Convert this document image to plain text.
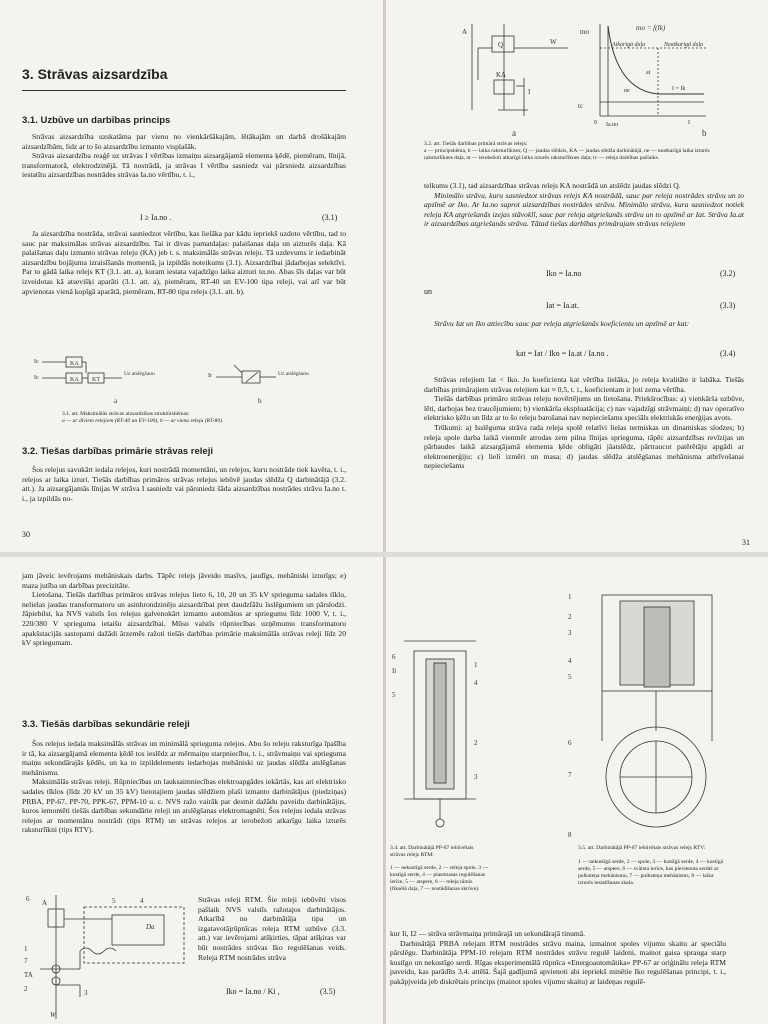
3. Strāvas aizsardzība
3.1. Uzbūve un darbības princips

Strāvas aizsardzība uzskatāma par vienu no vienkāršākajām, lētākajām un darbā drošākajām aizsardzībām, lidz ar to šo aizsardzību izmanto visplašāk.

Strāvas aizsardzība reaģē uz strāvas I vērtības izmaiņu aizsargājamā elementa ķēdē, piemēram, līnijā, transformatorā, elektrodzinējā. Tā nostrādā, ja strāvas I vērtība sasniedz vai pārsniedz aizsardzības iestatītu aizsardzības nostrādes strāvas Ia.no vērtību, t. i.,

I ≥ Ia.no .	(3.1)

Ja aizsardzība nostrāda, strāvai sasniedzot vērtību, kas lielāka par kādu iepriekš uzdoto vērtību, tad to sauc par maksimālas strāvas aizsardzību. Tai ir divas pamatdaļas: palaišanas daļa un aizturēs daļa. Kā palaišanas daļu izmanto strāvas releju (KA) jeb t. s. maksimālās strāvas releju. Tā uzdevums ir iedarbināt aizsardzību bojājuma izraisīšanās momentā, ja izpildās noteikums (3.1). Aizsardzībai jādarbojas selektīvi. Par to gādā laika relejs KT (3.1. att. a), kuram iestata vajadzīgo laika aizturi tα.no. Abas šīs daļas var būt izveidotas kā atsevišķi aparāti (3.1. att. a), piemēram, RT-40 un EV-100 tipa releji, vai arī var būt apvienotas vienā kopīgā aparātā, piemēram, RT-80 tipa relejs (3.1. att. b).

KA
KA KT
Ic
Ic	Ir
Uz atslēgšanu	Uz atslēgšanu
a	b
3.1. att. Maksimālās strāvas aizsardzības struktūrshēmas:
a — ar diviem relejiem (RT-40 un EV-100), b — ar vienu releju (RT-80).
3.2. Tiešas darbības primārie strāvas releji

Šos relejus savukārt iedala relejos, kuri nostrādā momentāni, un relejos, kuru nostrāde tiek kavēta, t. i., relejos ar laika izturi. Tiešās darbības primāros strāvas relejus iebūvē jaudas slēdža Q darbinātājā (3.2. att.). Ja aizsargājamās līnijas W strāva I sasniedz vai pārsniedz šāda aizsardzības nostrādes strāvu Ia.no t. i., ja izpildās no-

30
A
Q
KA
W
I
a
tno
tc
tno = f(Ik)
Atkarīgā daļa	Neatkarīgā daļa
at
ne	I = Ik
0 Ia.no	I
b
3.2. att. Tiešās darbības primārā strāvas relejs:
a — principshēma, b — laika raksturlīknes; Q — jaudas slēdzis, KA — jaudas slēdža darbinātājā, ne — neatkarīgā laika izturēs raksturlīknes daļa, at — ierobežotī atkarīgā laika izturēs raksturlīknes daļa; tc — releja darbības pašlaiks.

telkums (3.1), tad aizsardzības strāvas relejs KA nostrādā un atslēdz jaudas slēdzi Q.

Minimālo strāvu, kuru sasniedzot strāvas relejs KA nostrādā, sauc par releja nostrādes strāvu un to apzīmē ar Iko. Ar Ia.no saprot aizsardzības nostrādes strāvu. Minimālo strāvu, kura sasniedzot notiek releja KA atgriešanās izejas stāvoklī, sauc par releja atgriešanās strāvu un to apzīmē ar Iat. Strāva Ia.at ir aizsardzības atgriešanās strāva. Tātad tiešas darbības primārajam strāvas relejiem

Iko = Ia.no	(3.2)
un
Iat = Ia.at.	(3.3)

Strāvu Iat un Iko attiecību sauc par releja atgriešanās koeficientu un apzīmē ar kat:

kat = Iat / Iko = Ia.at / Ia.no .	(3.4)

Strāvas relejiem Iat < Iko. Jo koeficienta kat vērtība lielāka, jo releja kvalitāte ir labāka. Tiešās darbības primārajiem strāvas relejiem kat ≈ 0,5, t. i., koeficientam ir ļoti zema vērtība.

Tiešās darbības primāro strāvas releju novērtējums un lietošana. Priekšrocības: a) vienkārša uzbūve, lēti, darbojas bez traucējumiem; b) vienkārša ekspluatācija; c) nav vajadzīgi strāvmaiņi; d) nav operatīvo elektrisko ķēžu un līdz ar to šo releju barošanai nav nepieciešams speciāls elektriskās enerģijas avots.

Trūkumi: a) Isslēguma strāva rada releja spolē relatīvi lielas termiskas un dinamiskas slodzes; b) releja spole darba laikā vienmēr atrodas zem pilna līnijas sprieguma, tāpēc aizsardzības revīzijas un pārbaudes laikā aizsargājamā elementa ķēde obligāti jāatslēdz, pārtraucot patērētāju apgādi ar elektroenerģiju; c) lieli izmēri un masa; d) jaudas slēdža atslēgšanas mehānisma atbrīvošanai nepieciešams

31

jam jāveic ievērojams mehāniskais darbs. Tāpēc relejs jāveido masīvs, jaudīgs, mehāniski izturīgs; e) maza jutība un darbības precizitāte.

Lietošana. Tiešās darbības primāros strāvas relejus lieto 6, 10, 20 un 35 kV sprieguma sadales tīklu, nelielas jaudas transformatoru un asinhrondzinēju aizsardzībai pret daudzfāžu īsslēgumiem un pārslodzi. Jāpiebilst, ka NVS valstīs šos relejus galvenokārt izmanto automātos ar spriegumu līdz 1000 V, t. i., 220/380 V sprieguma ietaišu aizsardzībai. Mūsu valstīs rūpniecības uzņēmumu transformatoru apakšstacijās sastopami dažādi ārzemēs ražoti tiešās darbības primārie maksimālās strāvas releji līdz 20 kV spriegumam.

3.3. Tiešās darbības sekundārie releji

Šos relejus iedala maksimālās strāvas un minimālā sprieguma relejos. Abu šo releju raksturīga īpašība ir tā, ka aizsargājamā elementa ķēdē tos ieslēdz ar mērmaiņu starpniecību, t. i., strāvmaiņu vai sprieguma maiņu sekundārajās ķēdēs, un ka to izpildelements iedarbojas mehāniski uz jaudas slēdža atslēgšanas mehānismu.

Maksimālās strāvas releji. Rūpniecības un lauksaimniecības elektroapgādes iekārtās, kas ari elektrisko sadales tīklos (līdz 20 kV un 35 kV) lietotajiem jaudas slēdžiem plaši izmanto darbinātājus (piedziņas) PRBA, PP-67, PP-70, PPK-67, PPM-10 u. c. NVS ražo vairāk par desmit dažādu paveidu darbinātājus, kuros iemontēti tiešās darbības sekundārie releji un atslēgšanas elektromagnēti. Šos relejus iedala strāvas relejos ar momentānu nostrādi (tips RTM) un strāvas relejos ar ierobežoti atkarīgu laika izturēs raksturlīkni (tips RTV).

6 A	5	4
Da
1
7
TA
2	3
W

Strāvas releji RTM. Šie releji iebūvēti visos pašlaik NVS valstīs ražotajos darbinātājos. Atkarībā no darbinātāja tipa un izgatavotājrūpnīcas releja RTM uzbūve (3.3. att.) var ievērojami atšķirties, tāpat atšķiras var būt nostrādes strāvas Iko regulēšanas veids. Releja RTM nostrādes strāva

Iko = Ia.no / Ki ,	(3.5)
6
Ii
5
4
1
2
3
1
2
3
4
5
6
7
8
3.4. att. Darbinātājā PP-67 iebūvētais strāvas relejs RTM:
1 — nekustīgā serde, 2 — releja spole, 3 — kustīgā serde, 4 — plastmasas regulēšanas ierīce, 5 — atspere, 6 — releja rāmis (fiksētā daļa, 7 — nostādīšanas skrūve).
3.5. att. Darbinātājā PP-67 iebūvētais strāvas relejs RTV:
1 — nekustīgā serde, 2 — spole, 3 — kustīgā serde, 4 — kustīgā serde, 5 — atspere, 6 — svārsta ierīce, kas pievienota serdei ar pulksteņa mehānismu, 7 — pulksteņa mehānisms, 8 — laika izturēs iestatīšanas skala.

kur Ii, I2 — strāva strāvmaiņa primārajā un sekundārajā tinumā.

Darbinātājā PRBA relejam RTM nostrādes strāvu maina, izmainot spoles vijumu skaitu ar speciālu pārslēgu. Darbinātāja PPM-10 relejam RTM nostrādes strāvu regulē laideni, mainot gaisa sprauga starp kustīgo un nekustīgo serdi. Rīgas eksperimentālā rūpnīca «Energoautomātika» PP-67 ar oriģinālu releja RTM paveidu, kas parādīts 3.4. attēlā. Šajā gadījumā apvienoti abi iepriekš minētie Iko regulēšanas principi, t. i., pakāpjveida jeb diskrētais princips (mainot spoles vijumu skaitu) ar laideņas regulē-
